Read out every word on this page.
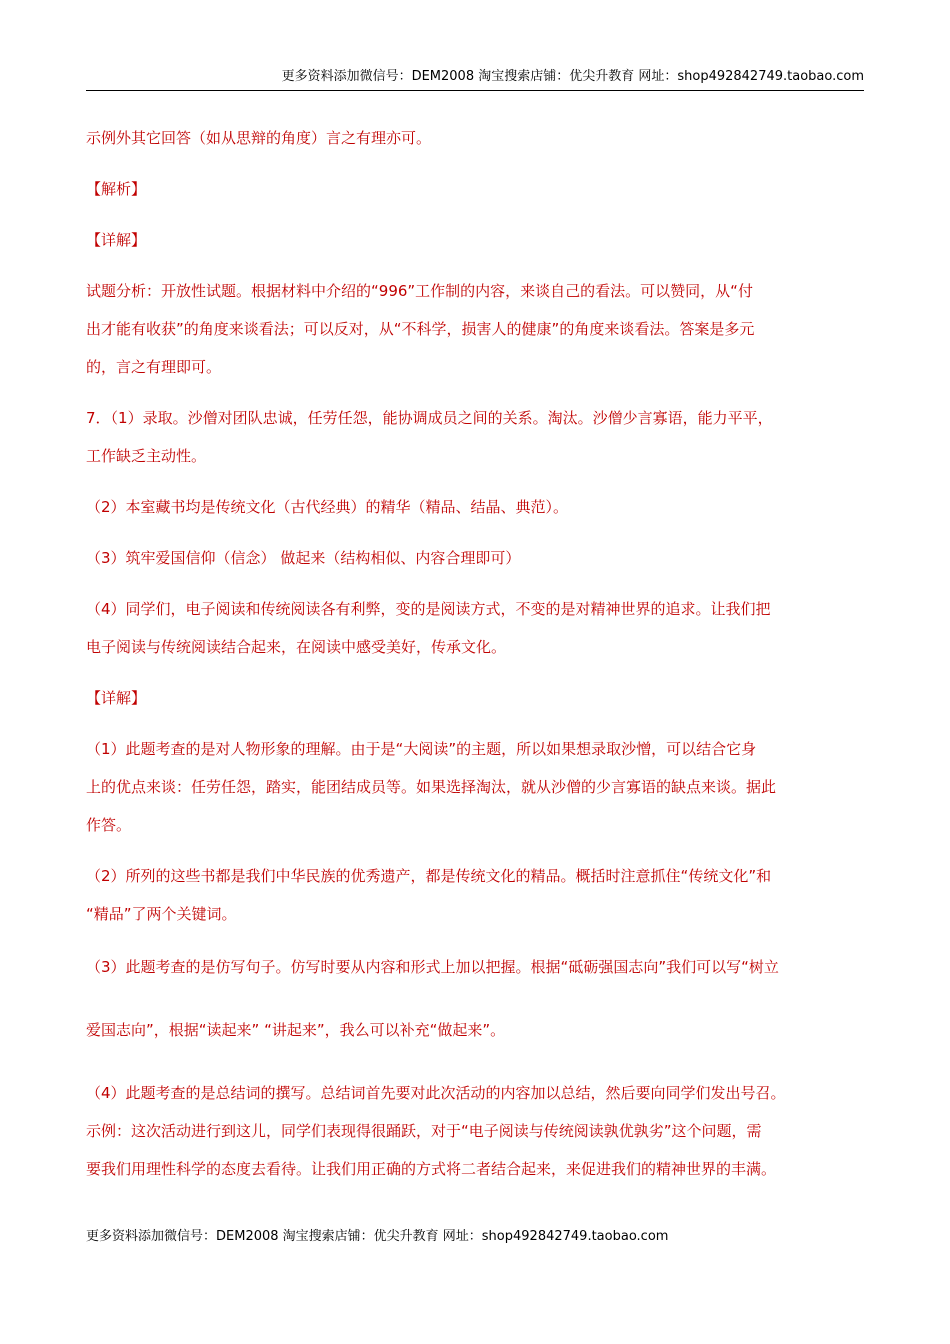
更多资料添加微信号：DEM2008 淘宝搜索店铺：优尖升教育 网址：shop492842749.taobao.com
示例外其它回答（如从思辩的角度）言之有理亦可。
【解析】
【详解】
试题分析：开放性试题。根据材料中介绍的“996”工作制的内容，来谈自己的看法。可以赞同，从“付
出才能有收获”的角度来谈看法；可以反对，从“不科学，损害人的健康”的角度来谈看法。答案是多元
的，言之有理即可。
7．（1）录取。沙僧对团队忠诚，任劳任怨，能协调成员之间的关系。淘汰。沙僧少言寡语，能力平平，
工作缺乏主动性。
（2）本室藏书均是传统文化（古代经典）的精华（精品、结晶、典范）。
（3）筑牢爱国信仰（信念） 做起来（结构相似、内容合理即可）
（4）同学们，电子阅读和传统阅读各有利弊，变的是阅读方式，不变的是对精神世界的追求。让我们把
电子阅读与传统阅读结合起来，在阅读中感受美好，传承文化。
【详解】
（1）此题考查的是对人物形象的理解。由于是“大阅读”的主题，所以如果想录取沙憎，可以结合它身
上的优点来谈：任劳任怨，踏实，能团结成员等。如果选择淘汰，就从沙僧的少言寡语的缺点来谈。据此
作答。
（2）所列的这些书都是我们中华民族的优秀遗产，都是传统文化的精品。概括时注意抓住“传统文化”和
“精品”了两个关键词。
（3）此题考查的是仿写句子。仿写时要从内容和形式上加以把握。根据“砥砺强国志向”我们可以写“树立
爱国志向”，根据“读起来” “讲起来”，我么可以补充“做起来”。
（4）此题考查的是总结词的撰写。总结词首先要对此次活动的内容加以总结，然后要向同学们发出号召。
示例：这次活动进行到这儿，同学们表现得很踊跃，对于“电子阅读与传统阅读孰优孰劣”这个问题，需
要我们用理性科学的态度去看待。让我们用正确的方式将二者结合起来，来促进我们的精神世界的丰满。
更多资料添加微信号：DEM2008 淘宝搜索店铺：优尖升教育 网址：shop492842749.taobao.com
